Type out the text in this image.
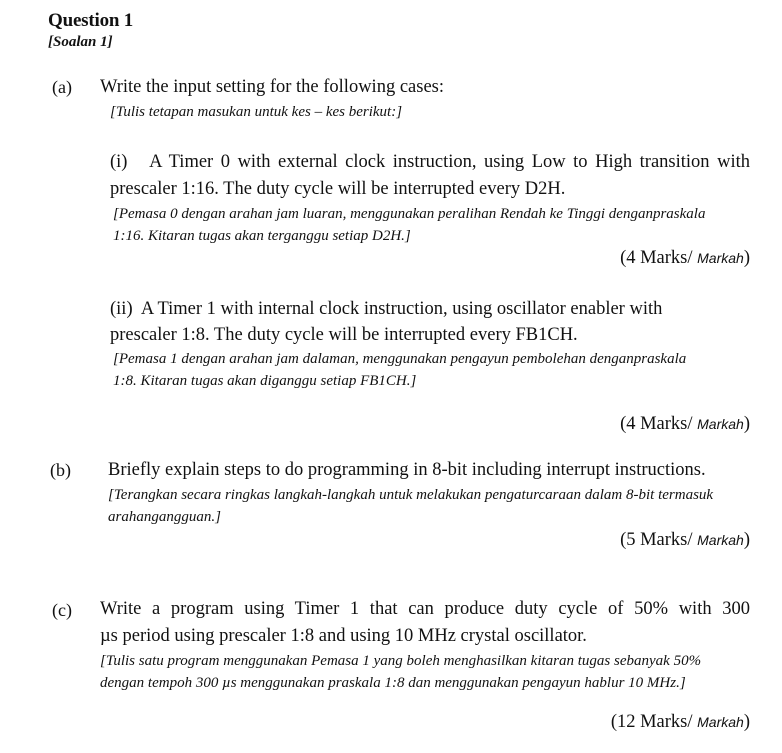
Question 1
[Soalan 1]
(a) Write the input setting for the following cases:
[Tulis tetapan masukan untuk kes – kes berikut:]
(i)   A Timer 0 with external clock instruction, using Low to High transition with
prescaler 1:16. The duty cycle will be interrupted every D2H.
[Pemasa 0 dengan arahan jam luaran, menggunakan peralihan Rendah ke Tinggi denganpraskala
1:16. Kitaran tugas akan terganggu setiap D2H.]
(4 Marks/ Markah)
(ii)  A Timer 1 with internal clock instruction, using oscillator enabler with
prescaler 1:8. The duty cycle will be interrupted every FB1CH.
[Pemasa 1 dengan arahan jam dalaman, menggunakan pengayun pembolehan denganpraskala
1:8. Kitaran tugas akan diganggu setiap FB1CH.]
(4 Marks/ Markah)
(b) Briefly explain steps to do programming in 8-bit including interrupt instructions.
[Terangkan secara ringkas langkah-langkah untuk melakukan pengaturcaraan dalam 8-bit termasuk
arahangangguan.]
(5 Marks/ Markah)
(c) Write a program using Timer 1 that can produce duty cycle of 50% with 300
µs period using prescaler 1:8 and using 10 MHz crystal oscillator.
[Tulis satu program menggunakan Pemasa 1 yang boleh menghasilkan kitaran tugas sebanyak 50%
dengan tempoh 300 µs menggunakan praskala 1:8 dan menggunakan pengayun hablur 10 MHz.]
(12 Marks/ Markah)
